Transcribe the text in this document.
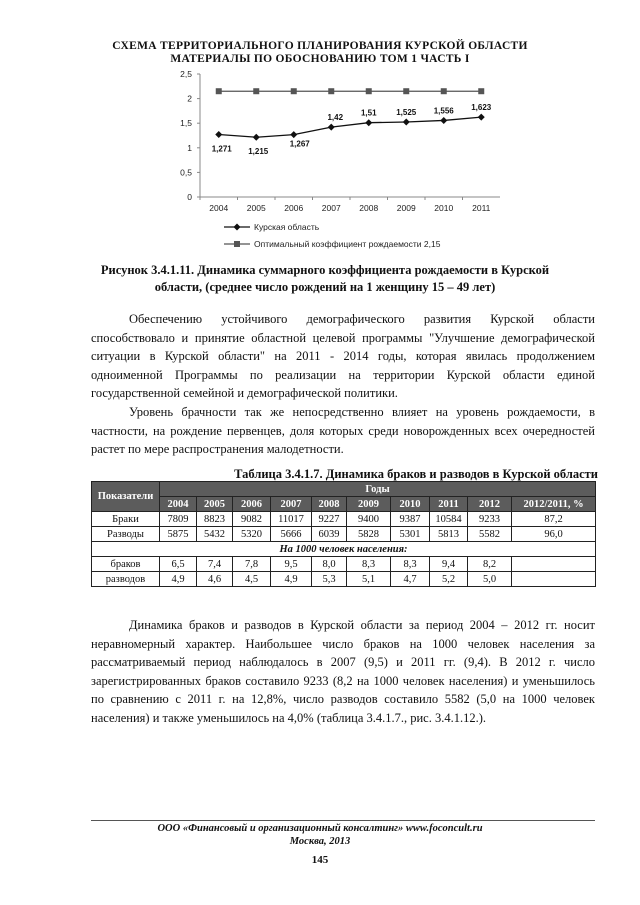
СХЕМА ТЕРРИТОРИАЛЬНОГО ПЛАНИРОВАНИЯ КУРСКОЙ ОБЛАСТИ
МАТЕРИАЛЫ ПО ОБОСНОВАНИЮ ТОМ 1 ЧАСТЬ I
0
0,5
1
1,5
2
2,5
2004 2005 2006 2007 2008 2009 2010 2011
1,271 1,215
1,267
1,42 1,51 1,525 1,556 1,623
Курская область
Оптимальный коэффициент рождаемости 2,15
Рисунок 3.4.1.11. Динамика суммарного коэффициента рождаемости в Курской
области, (среднее число рождений на 1 женщину 15 – 49 лет)

Обеспечению устойчивого демографического развития Курской области способствовало и принятие областной целевой программы "Улучшение демографической ситуации в Курской области" на 2011 - 2014 годы, которая явилась продолжением одноименной Программы по реализации на территории Курской области единой государственной семейной и демографической политики.

Уровень брачности так же непосредственно влияет на уровень рождаемости, в частности, на рождение первенцев, доля которых среди новорожденных всех очередностей растет по мере распространения малодетности.

Таблица 3.4.1.7. Динамика браков и разводов в Курской области
Показатели	Годы									
	2004	2005	2006	2007	2008	2009	2010	2011	2012	2012/2011, %
Браки	7809	8823	9082	11017	9227	9400	9387	10584	9233	87,2
Разводы	5875	5432	5320	5666	6039	5828	5301	5813	5582	96,0
На 1000 человек населения:										
браков	6,5	7,4	7,8	9,5	8,0	8,3	8,3	9,4	8,2	
разводов	4,9	4,6	4,5	4,9	5,3	5,1	4,7	5,2	5,0	

Динамика браков и разводов в Курской области за период 2004 – 2012 гг. носит неравномерный характер. Наибольшее число браков на 1000 человек населения за рассматриваемый период наблюдалось в 2007 (9,5) и 2011 гг. (9,4). В 2012 г. число зарегистрированных браков составило 9233 (8,2 на 1000 человек населения) и уменьшилось по сравнению с 2011 г. на 12,8%, число разводов составило 5582 (5,0 на 1000 человек населения) и также уменьшилось на 4,0% (таблица 3.4.1.7., рис. 3.4.1.12.).

ООО «Финансовый и организационный консалтинг» www.foconcult.ru
Москва, 2013
145
